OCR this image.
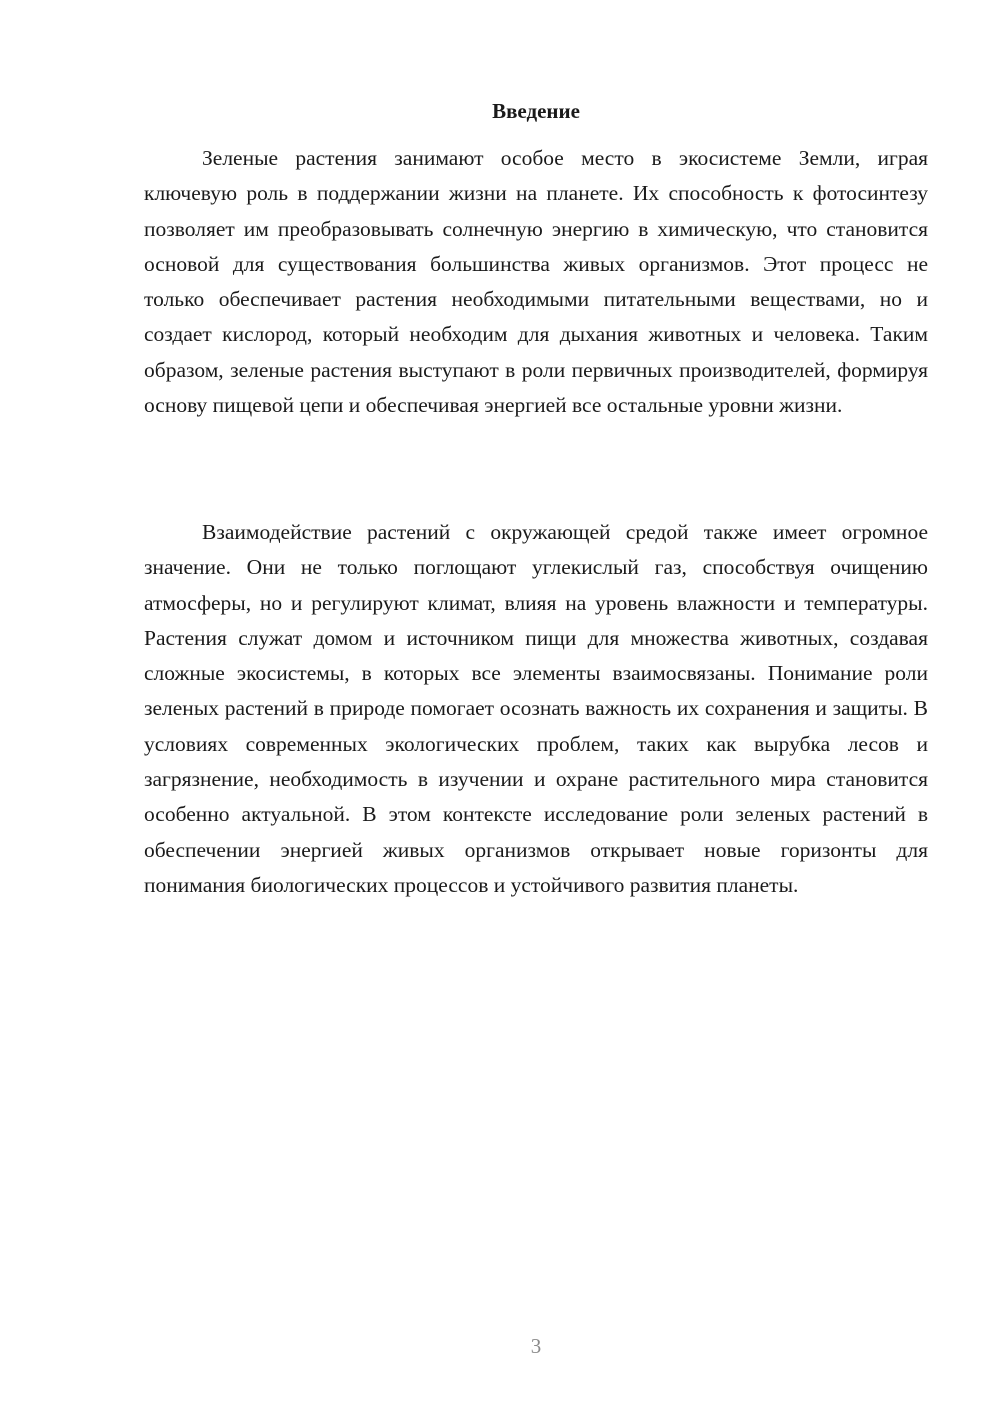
Введение

Зеленые растения занимают особое место в экосистеме Земли, играя ключевую роль в поддержании жизни на планете. Их способность к фотосинтезу позволяет им преобразовывать солнечную энергию в химическую, что становится основой для существования большинства живых организмов. Этот процесс не только обеспечивает растения необходимыми питательными веществами, но и создает кислород, который необходим для дыхания животных и человека. Таким образом, зеленые растения выступают в роли первичных производителей, формируя основу пищевой цепи и обеспечивая энергией все остальные уровни жизни.

Взаимодействие растений с окружающей средой также имеет огромное значение. Они не только поглощают углекислый газ, способствуя очищению атмосферы, но и регулируют климат, влияя на уровень влажности и температуры. Растения служат домом и источником пищи для множества животных, создавая сложные экосистемы, в которых все элементы взаимосвязаны. Понимание роли зеленых растений в природе помогает осознать важность их сохранения и защиты. В условиях современных экологических проблем, таких как вырубка лесов и загрязнение, необходимость в изучении и охране растительного мира становится особенно актуальной. В этом контексте исследование роли зеленых растений в обеспечении энергией живых организмов открывает новые горизонты для понимания биологических процессов и устойчивого развития планеты.

3
